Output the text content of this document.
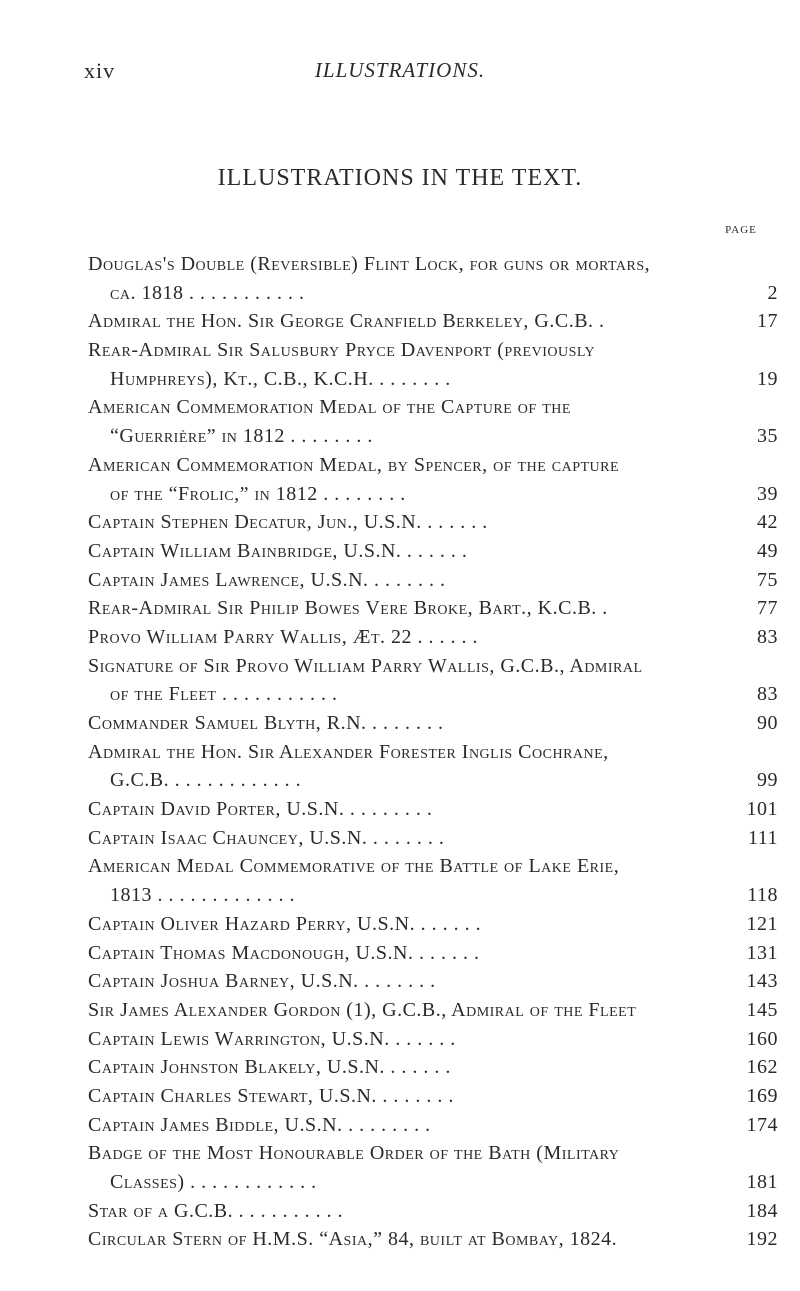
xiv	ILLUSTRATIONS.
ILLUSTRATIONS IN THE TEXT.
PAGE
Douglas's Double (Reversible) Flint Lock, for guns or mortars,
ca. 1818 . . . . . . . . . . .	2
Admiral the Hon. Sir George Cranfield Berkeley, G.C.B. .	17
Rear-Admiral Sir Salusbury Pryce Davenport (previously
Humphreys), Kt., C.B., K.C.H. . . . . . . .	19
American Commemoration Medal of the Capture of the
“Guerrière” in 1812 . . . . . . . .	35
American Commemoration Medal, by Spencer, of the capture
of the “Frolic,” in 1812 . . . . . . . .	39
Captain Stephen Decatur, Jun., U.S.N. . . . . . .	42
Captain William Bainbridge, U.S.N. . . . . . .	49
Captain James Lawrence, U.S.N. . . . . . . .	75
Rear-Admiral Sir Philip Bowes Vere Broke, Bart., K.C.B. .	77
Provo William Parry Wallis, Æt. 22 . . . . . .	83
Signature of Sir Provo William Parry Wallis, G.C.B., Admiral
of the Fleet . . . . . . . . . . .	83
Commander Samuel Blyth, R.N. . . . . . . .	90
Admiral the Hon. Sir Alexander Forester Inglis Cochrane,
G.C.B. . . . . . . . . . . . .	99
Captain David Porter, U.S.N. . . . . . . . .	101
Captain Isaac Chauncey, U.S.N. . . . . . . .	111
American Medal Commemorative of the Battle of Lake Erie,
1813 . . . . . . . . . . . . .	118
Captain Oliver Hazard Perry, U.S.N. . . . . . .	121
Captain Thomas Macdonough, U.S.N. . . . . . .	131
Captain Joshua Barney, U.S.N. . . . . . . .	143
Sir James Alexander Gordon (1), G.C.B., Admiral of the Fleet	145
Captain Lewis Warrington, U.S.N. . . . . . .	160
Captain Johnston Blakely, U.S.N. . . . . . .	162
Captain Charles Stewart, U.S.N. . . . . . . .	169
Captain James Biddle, U.S.N. . . . . . . . .	174
Badge of the Most Honourable Order of the Bath (Military
Classes) . . . . . . . . . . . .	181
Star of a G.C.B. . . . . . . . . . .	184
Circular Stern of H.M.S. “Asia,” 84, built at Bombay, 1824.	192
